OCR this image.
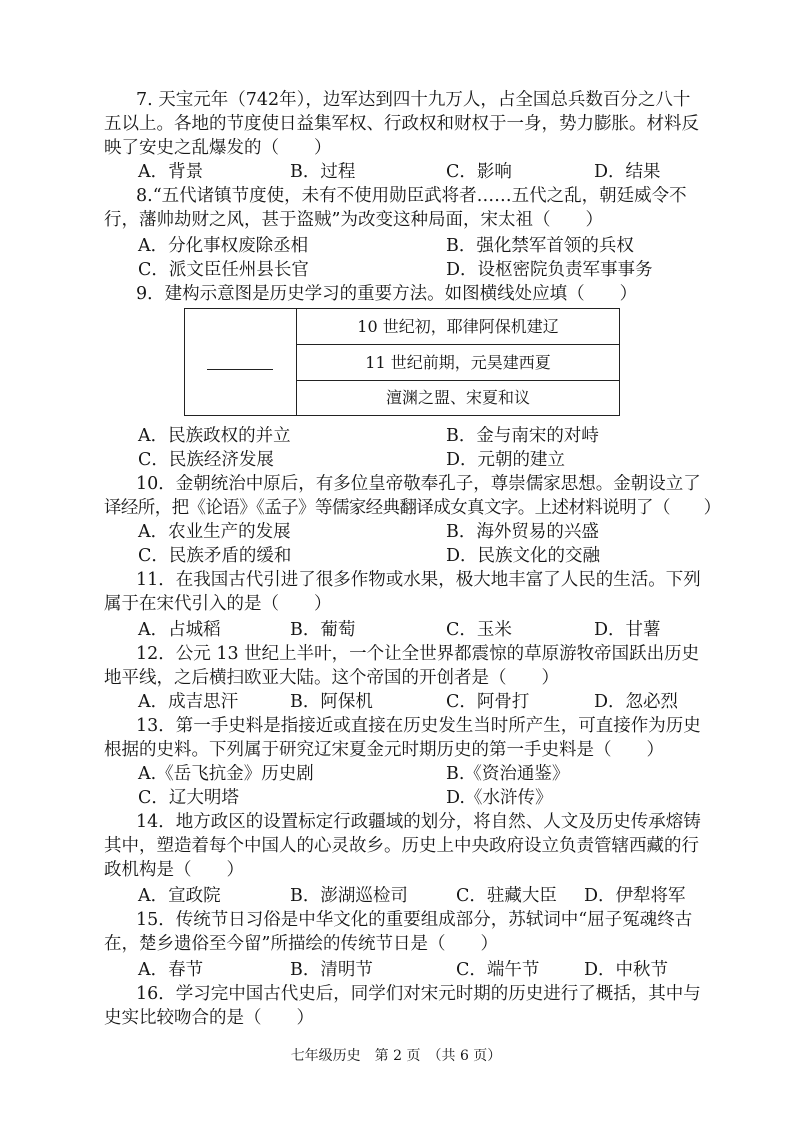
7. 天宝元年（742年），边军达到四十九万人，占全国总兵数百分之八十
五以上。各地的节度使日益集军权、行政权和财权于一身，势力膨胀。材料反
映了安史之乱爆发的（　　）
A．背景	B．过程	C．影响	D．结果
8.“五代诸镇节度使，未有不使用勋臣武将者……五代之乱，朝廷威令不
行，藩帅劫财之风，甚于盗贼”为改变这种局面，宋太祖（　　）
A．分化事权废除丞相	B．强化禁军首领的兵权
C．派文臣任州县长官	D．设枢密院负责军事事务
9．建构示意图是历史学习的重要方法。如图横线处应填（　　）
10 世纪初，耶律阿保机建辽
11 世纪前期，元昊建西夏
澶渊之盟、宋夏和议
A．民族政权的并立	B．金与南宋的对峙
C．民族经济发展	D．元朝的建立
10．金朝统治中原后，有多位皇帝敬奉孔子，尊崇儒家思想。金朝设立了
译经所，把《论语》《孟子》等儒家经典翻译成女真文字。上述材料说明了（　　）
A．农业生产的发展	B．海外贸易的兴盛
C．民族矛盾的缓和	D．民族文化的交融
11．在我国古代引进了很多作物或水果，极大地丰富了人民的生活。下列
属于在宋代引入的是（　　）
A．占城稻	B．葡萄	C．玉米	D．甘薯
12．公元 13 世纪上半叶，一个让全世界都震惊的草原游牧帝国跃出历史
地平线，之后横扫欧亚大陆。这个帝国的开创者是（　　）
A．成吉思汗	B．阿保机	C．阿骨打	D．忽必烈
13．第一手史料是指接近或直接在历史发生当时所产生，可直接作为历史
根据的史料。下列属于研究辽宋夏金元时期历史的第一手史料是（　　）
A.《岳飞抗金》历史剧	B.《资治通鉴》
C．辽大明塔	D.《水浒传》
14．地方政区的设置标定行政疆域的划分，将自然、人文及历史传承熔铸
其中，塑造着每个中国人的心灵故乡。历史上中央政府设立负责管辖西藏的行
政机构是（　　）
A．宣政院	B．澎湖巡检司	C．驻藏大臣 D．伊犁将军
15．传统节日习俗是中华文化的重要组成部分，苏轼词中“屈子冤魂终古
在，楚乡遗俗至今留”所描绘的传统节日是（　　）
A．春节	B．清明节	C．端午节	D．中秋节
16．学习完中国古代史后，同学们对宋元时期的历史进行了概括，其中与
史实比较吻合的是（　　）
七年级历史　第 2 页　（共 6 页）
